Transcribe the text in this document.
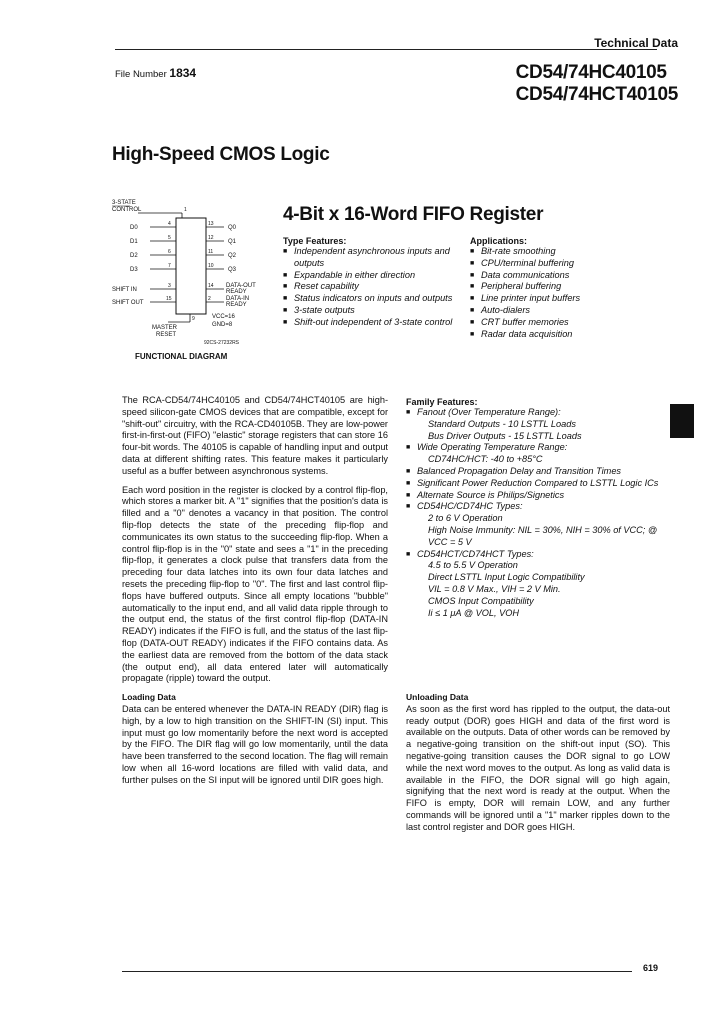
Technical Data
File Number 1834	CD54/74HC40105
CD54/74HCT40105
High-Speed CMOS Logic
4-Bit x 16-Word FIFO Register
3-STATE
CONTROL
D0
D1
D2
D3
SHIFT IN
SHIFT OUT
Q0
Q1
Q2
Q3
DATA-OUT
READY
DATA-IN
READY
VCC=16
GND=8
MASTER
RESET
4
5
6
7
3
15
13
12
11
10
14
2
1
9
92CS-27232RS
FUNCTIONAL DIAGRAM
Type Features:
■ Independent asynchronous inputs and outputs
■ Expandable in either direction
■ Reset capability
■ Status indicators on inputs and outputs
■ 3-state outputs
■ Shift-out independent of 3-state control
Applications:
■ Bit-rate smoothing
■ CPU/terminal buffering
■ Data communications
■ Peripheral buffering
■ Line printer input buffers
■ Auto-dialers
■ CRT buffer memories
■ Radar data acquisition

The RCA-CD54/74HC40105 and CD54/74HCT40105 are high-speed silicon-gate CMOS devices that are compatible, except for "shift-out" circuitry, with the RCA-CD40105B. They are low-power first-in-first-out (FIFO) "elastic" storage registers that can store 16 four-bit words. The 40105 is capable of handling input and output data at different shifting rates. This feature makes it particularly useful as a buffer between asynchronous systems.

Each word position in the register is clocked by a control flip-flop, which stores a marker bit. A "1" signifies that the position's data is filled and a "0" denotes a vacancy in that position. The control flip-flop detects the state of the preceding flip-flop and communicates its own status to the succeeding flip-flop. When a control flip-flop is in the "0" state and sees a "1" in the preceding flip-flop, it generates a clock pulse that transfers data from the preceding four data latches into its own four data latches and resets the preceding flip-flop to "0". The first and last control flip-flops have buffered outputs. Since all empty locations "bubble" automatically to the input end, and all valid data ripple through to the output end, the status of the first control flip-flop (DATA-IN READY) indicates if the FIFO is full, and the status of the last flip-flop (DATA-OUT READY) indicates if the FIFO contains data. As the earliest data are removed from the bottom of the data stack (the output end), all data entered later will automatically propagate (ripple) toward the output.

Loading Data

Data can be entered whenever the DATA-IN READY (DIR) flag is high, by a low to high transition on the SHIFT-IN (SI) input. This input must go low momentarily before the next word is accepted by the FIFO. The DIR flag will go low momentarily, until the data have been transferred to the second location. The flag will remain low when all 16-word locations are filled with valid data, and further pulses on the SI input will be ignored until DIR goes high.

Family Features:
■ Fanout (Over Temperature Range):
Standard Outputs - 10 LSTTL Loads
Bus Driver Outputs - 15 LSTTL Loads
■ Wide Operating Temperature Range:
CD74HC/HCT: -40 to +85°C
■ Balanced Propagation Delay and Transition Times
■ Significant Power Reduction Compared to LSTTL Logic ICs
■ Alternate Source is Philips/Signetics
■ CD54HC/CD74HC Types:
2 to 6 V Operation
High Noise Immunity: NIL = 30%, NIH = 30% of VCC; @ VCC = 5 V
■ CD54HCT/CD74HCT Types:
4.5 to 5.5 V Operation
Direct LSTTL Input Logic Compatibility
VIL = 0.8 V Max., VIH = 2 V Min.
CMOS Input Compatibility
Ii ≤ 1 μA @ VOL, VOH
Unloading Data

As soon as the first word has rippled to the output, the data-out ready output (DOR) goes HIGH and data of the first word is available on the outputs. Data of other words can be removed by a negative-going transition on the shift-out input (SO). This negative-going transition causes the DOR signal to go LOW while the next word moves to the output. As long as valid data is available in the FIFO, the DOR signal will go high again, signifying that the next word is ready at the output. When the FIFO is empty, DOR will remain LOW, and any further commands will be ignored until a "1" marker ripples down to the last control register and DOR goes HIGH.

619
